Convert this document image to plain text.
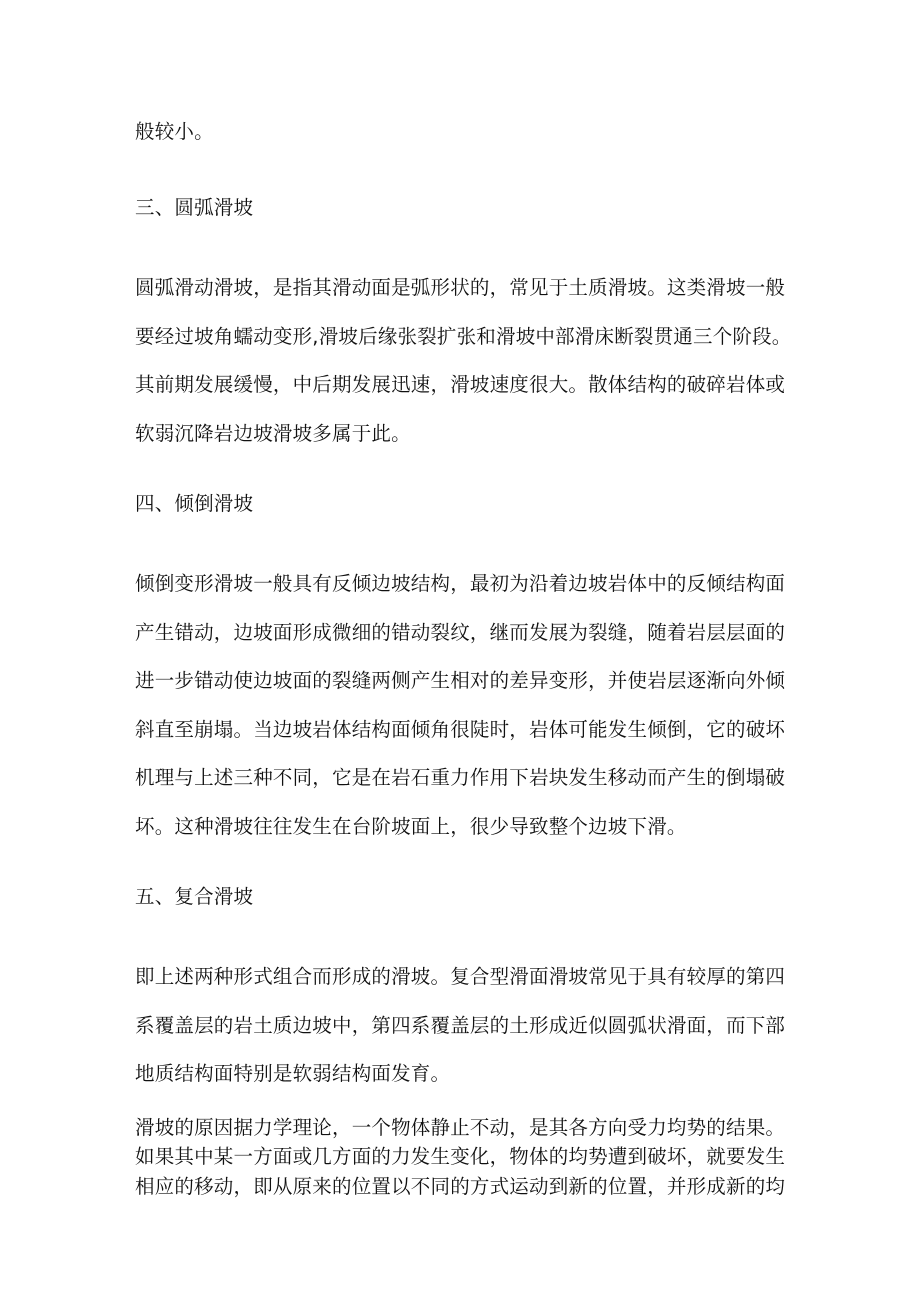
般较小。

三、圆弧滑坡
圆弧滑动滑坡，是指其滑动面是弧形状的，常见于土质滑坡。这类滑坡一般
要经过坡角蠕动变形,滑坡后缘张裂扩张和滑坡中部滑床断裂贯通三个阶段。
其前期发展缓慢，中后期发展迅速，滑坡速度很大。散体结构的破碎岩体或
软弱沉降岩边坡滑坡多属于此。
四、倾倒滑坡
倾倒变形滑坡一般具有反倾边坡结构，最初为沿着边坡岩体中的反倾结构面
产生错动，边坡面形成微细的错动裂纹，继而发展为裂缝，随着岩层层面的
进一步错动使边坡面的裂缝两侧产生相对的差异变形，并使岩层逐渐向外倾
斜直至崩塌。当边坡岩体结构面倾角很陡时，岩体可能发生倾倒，它的破坏
机理与上述三种不同，它是在岩石重力作用下岩块发生移动而产生的倒塌破
坏。这种滑坡往往发生在台阶坡面上，很少导致整个边坡下滑。
五、复合滑坡
即上述两种形式组合而形成的滑坡。复合型滑面滑坡常见于具有较厚的第四
系覆盖层的岩土质边坡中，第四系覆盖层的土形成近似圆弧状滑面，而下部
地质结构面特别是软弱结构面发育。
滑坡的原因据力学理论，一个物体静止不动，是其各方向受力均势的结果。
如果其中某一方面或几方面的力发生变化，物体的均势遭到破坏，就要发生
相应的移动，即从原来的位置以不同的方式运动到新的位置，并形成新的均
